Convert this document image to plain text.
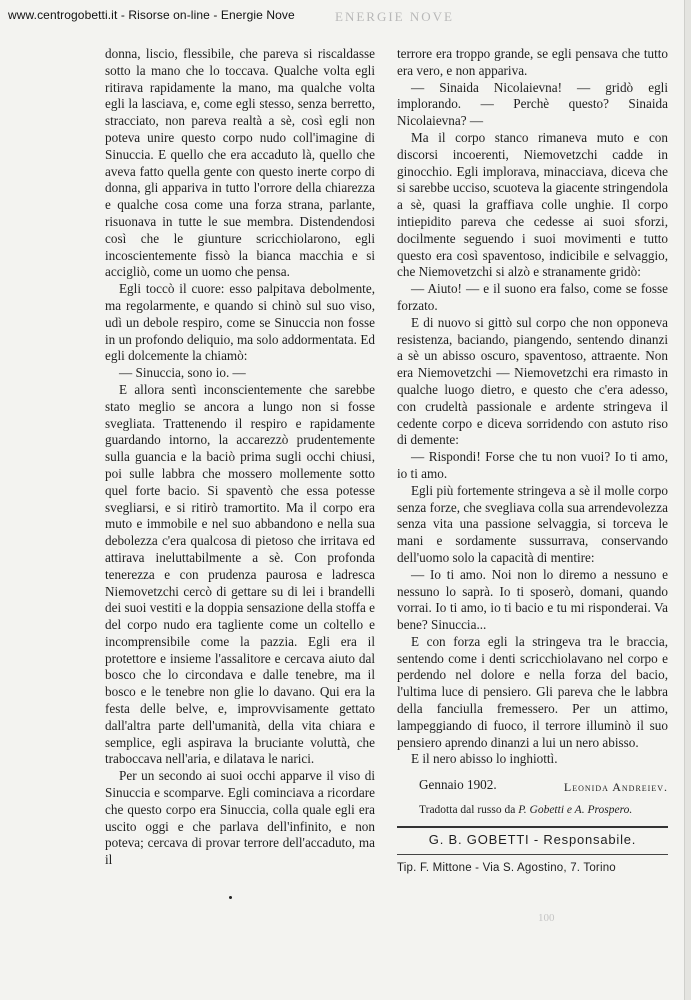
www.centrogobetti.it - Risorse on-line - Energie Nove	ENERGIE NOVE

donna, liscio, flessibile, che pareva si riscaldasse sotto la mano che lo toccava. Qualche volta egli ritirava rapidamente la mano, ma qualche volta egli la lasciava, e, come egli stesso, senza berretto, stracciato, non pareva realtà a sè, così egli non poteva unire questo corpo nudo coll'imagine di Sinuccia. E quello che era accaduto là, quello che aveva fatto quella gente con questo inerte corpo di donna, gli appariva in tutto l'orrore della chiarezza e qualche cosa come una forza strana, parlante, risuonava in tutte le sue membra. Distendendosi così che le giunture scricchiolarono, egli incoscientemente fissò la bianca macchia e si accigliò, come un uomo che pensa.

Egli toccò il cuore: esso palpitava debolmente, ma regolarmente, e quando si chinò sul suo viso, udì un debole respiro, come se Sinuccia non fosse in un profondo deliquio, ma solo addormentata. Ed egli dolcemente la chiamò:

— Sinuccia, sono io. —

E allora sentì inconscientemente che sarebbe stato meglio se ancora a lungo non si fosse svegliata. Trattenendo il respiro e rapidamente guardando intorno, la accarezzò prudentemente sulla guancia e la baciò prima sugli occhi chiusi, poi sulle labbra che mossero mollemente sotto quel forte bacio. Si spaventò che essa potesse svegliarsi, e si ritirò tramortito. Ma il corpo era muto e immobile e nel suo abbandono e nella sua debolezza c'era qualcosa di pietoso che irritava ed attirava ineluttabilmente a sè. Con profonda tenerezza e con prudenza paurosa e ladresca Niemovetzchi cercò di gettare su di lei i brandelli dei suoi vestiti e la doppia sensazione della stoffa e del corpo nudo era tagliente come un coltello e incomprensibile come la pazzia. Egli era il protettore e insieme l'assalitore e cercava aiuto dal bosco che lo circondava e dalle tenebre, ma il bosco e le tenebre non glie lo davano. Qui era la festa delle belve, e, improvvisamente gettato dall'altra parte dell'umanità, della vita chiara e semplice, egli aspirava la bruciante voluttà, che traboccava nell'aria, e dilatava le narici.

Per un secondo ai suoi occhi apparve il viso di Sinuccia e scomparve. Egli cominciava a ricordare che questo corpo era Sinuccia, colla quale egli era uscito oggi e che parlava dell'infinito, e non poteva; cercava di provar terrore dell'accaduto, ma il

terrore era troppo grande, se egli pensava che tutto era vero, e non appariva.

— Sinaida Nicolaievna! — gridò egli implorando. — Perchè questo? Sinaida Nicolaievna? —

Ma il corpo stanco rimaneva muto e con discorsi incoerenti, Niemovetzchi cadde in ginocchio. Egli implorava, minacciava, diceva che si sarebbe ucciso, scuoteva la giacente stringendola a sè, quasi la graffiava colle unghie. Il corpo intiepidito pareva che cedesse ai suoi sforzi, docilmente seguendo i suoi movimenti e tutto questo era così spaventoso, indicibile e selvaggio, che Niemovetzchi si alzò e stranamente gridò:

— Aiuto! — e il suono era falso, come se fosse forzato.

E di nuovo si gittò sul corpo che non opponeva resistenza, baciando, piangendo, sentendo dinanzi a sè un abisso oscuro, spaventoso, attraente. Non era Niemovetzchi — Niemovetzchi era rimasto in qualche luogo dietro, e questo che c'era adesso, con crudeltà passionale e ardente stringeva il cedente corpo e diceva sorridendo con astuto riso di demente:

— Rispondi! Forse che tu non vuoi? Io ti amo, io ti amo.

Egli più fortemente stringeva a sè il molle corpo senza forze, che svegliava colla sua arrendevolezza senza vita una passione selvaggia, si torceva le mani e sordamente sussurrava, conservando dell'uomo solo la capacità di mentire:

— Io ti amo. Noi non lo diremo a nessuno e nessuno lo saprà. Io ti sposerò, domani, quando vorrai. Io ti amo, io ti bacio e tu mi risponderai. Va bene? Sinuccia...

E con forza egli la stringeva tra le braccia, sentendo come i denti scricchiolavano nel corpo e perdendo nel dolore e nella forza del bacio, l'ultima luce di pensiero. Gli pareva che le labbra della fanciulla fremessero. Per un attimo, lampeggiando di fuoco, il terrore illuminò il suo pensiero aprendo dinanzi a lui un nero abisso.

E il nero abisso lo inghiottì.

Gennaio 1902.	Leonida Andreiev.
Tradotta dal russo da P. Gobetti e A. Prospero.
G. B. GOBETTI - Responsabile.
Tip. F. Mittone - Via S. Agostino, 7. Torino
100
